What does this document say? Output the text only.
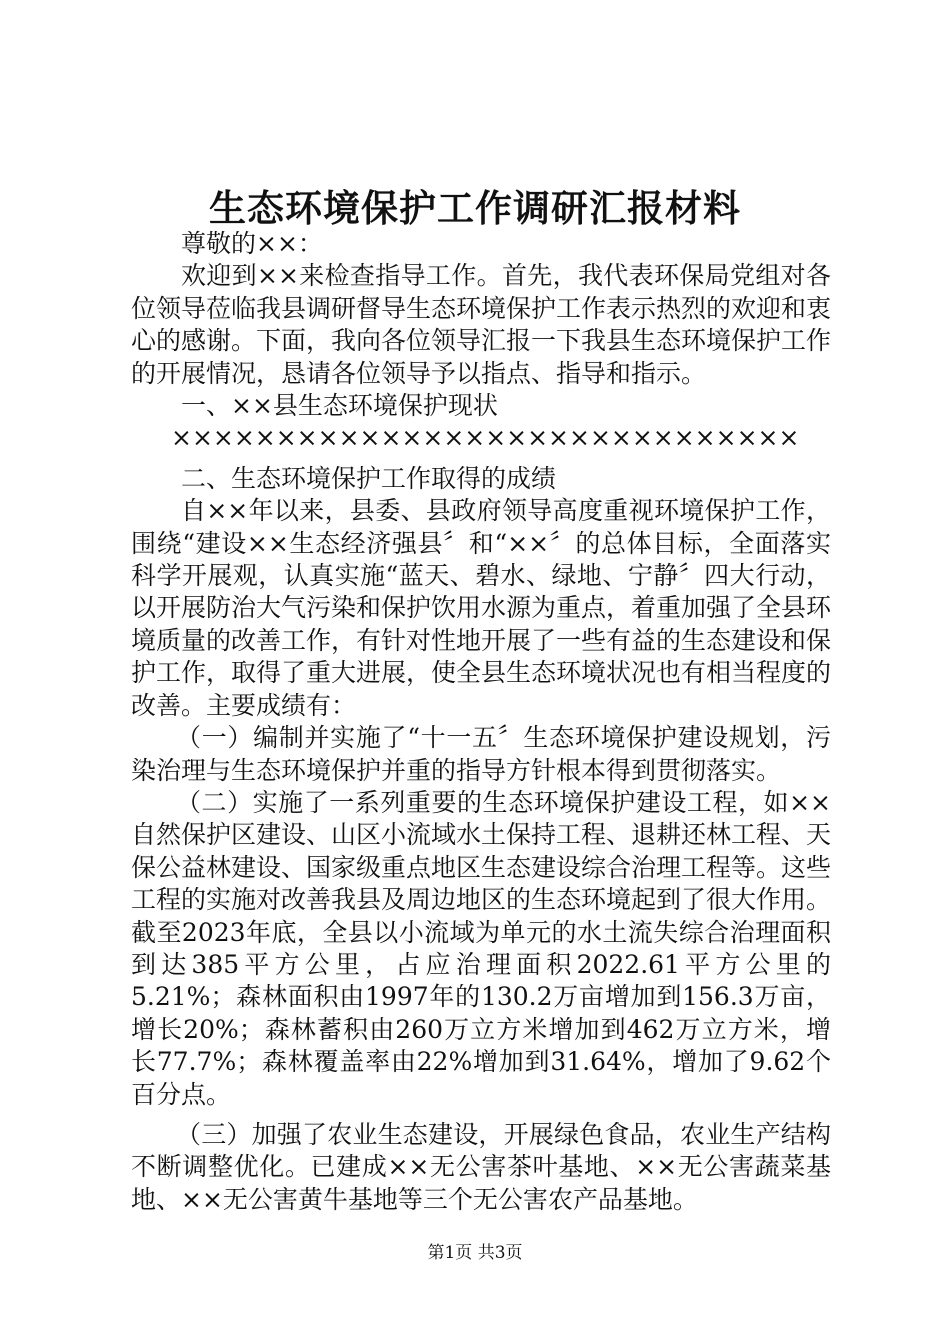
生态环境保护工作调研汇报材料

尊敬的××：

欢迎到××来检查指导工作。首先，我代表环保局党组对各位领导莅临我县调研督导生态环境保护工作表示热烈的欢迎和衷心的感谢。下面，我向各位领导汇报一下我县生态环境保护工作的开展情况，恳请各位领导予以指点、指导和指示。

一、××县生态环境保护现状

××××××××××××××××××××××××××××××

二、生态环境保护工作取得的成绩

自××年以来，县委、县政府领导高度重视环境保护工作，围绕“建设××生态经济强县〞和“××〞的总体目标，全面落实科学开展观，认真实施“蓝天、碧水、绿地、宁静〞四大行动，以开展防治大气污染和保护饮用水源为重点，着重加强了全县环境质量的改善工作，有针对性地开展了一些有益的生态建设和保护工作，取得了重大进展，使全县生态环境状况也有相当程度的改善。主要成绩有：

（一）编制并实施了“十一五〞生态环境保护建设规划，污染治理与生态环境保护并重的指导方针根本得到贯彻落实。

（二）实施了一系列重要的生态环境保护建设工程，如××自然保护区建设、山区小流域水土保持工程、退耕还林工程、天保公益林建设、国家级重点地区生态建设综合治理工程等。这些工程的实施对改善我县及周边地区的生态环境起到了很大作用。截至2023年底，全县以小流域为单元的水土流失综合治理面积到达385平方公里，占应治理面积2022.61平方公里的5.21%；森林面积由1997年的130.2万亩增加到156.3万亩，增长20%；森林蓄积由260万立方米增加到462万立方米，增长77.7%；森林覆盖率由22%增加到31.64%，增加了9.62个百分点。

（三）加强了农业生态建设，开展绿色食品，农业生产结构不断调整优化。已建成××无公害茶叶基地、××无公害蔬菜基地、××无公害黄牛基地等三个无公害农产品基地。

第1页 共3页
